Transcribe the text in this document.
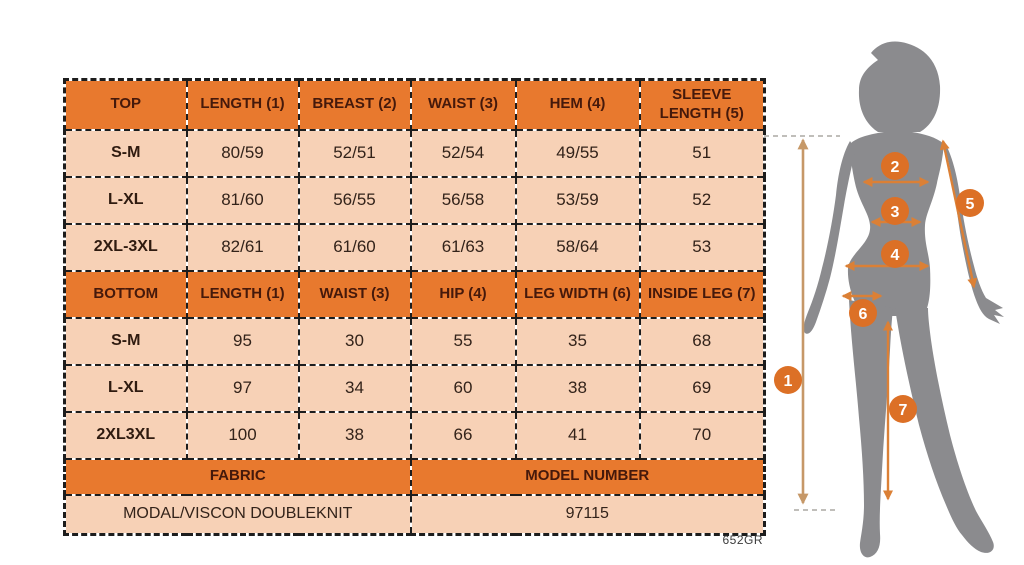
TOP	LENGTH (1)	BREAST (2)	WAIST (3)	HEM (4)	SLEEVE LENGTH (5)
S-M	80/59	52/51	52/54	49/55	51
L-XL	81/60	56/55	56/58	53/59	52
2XL-3XL	82/61	61/60	61/63	58/64	53
BOTTOM	LENGTH (1)	WAIST (3)	HIP (4)	LEG WIDTH (6)	INSIDE LEG (7)
S-M	95	30	55	35	68
L-XL	97	34	60	38	69
2XL3XL	100	38	66	41	70
FABRIC			MODEL NUMBER		
MODAL/VISCON DOUBLEKNIT			97115		
652GR
1
2
3
4
5
6
7
